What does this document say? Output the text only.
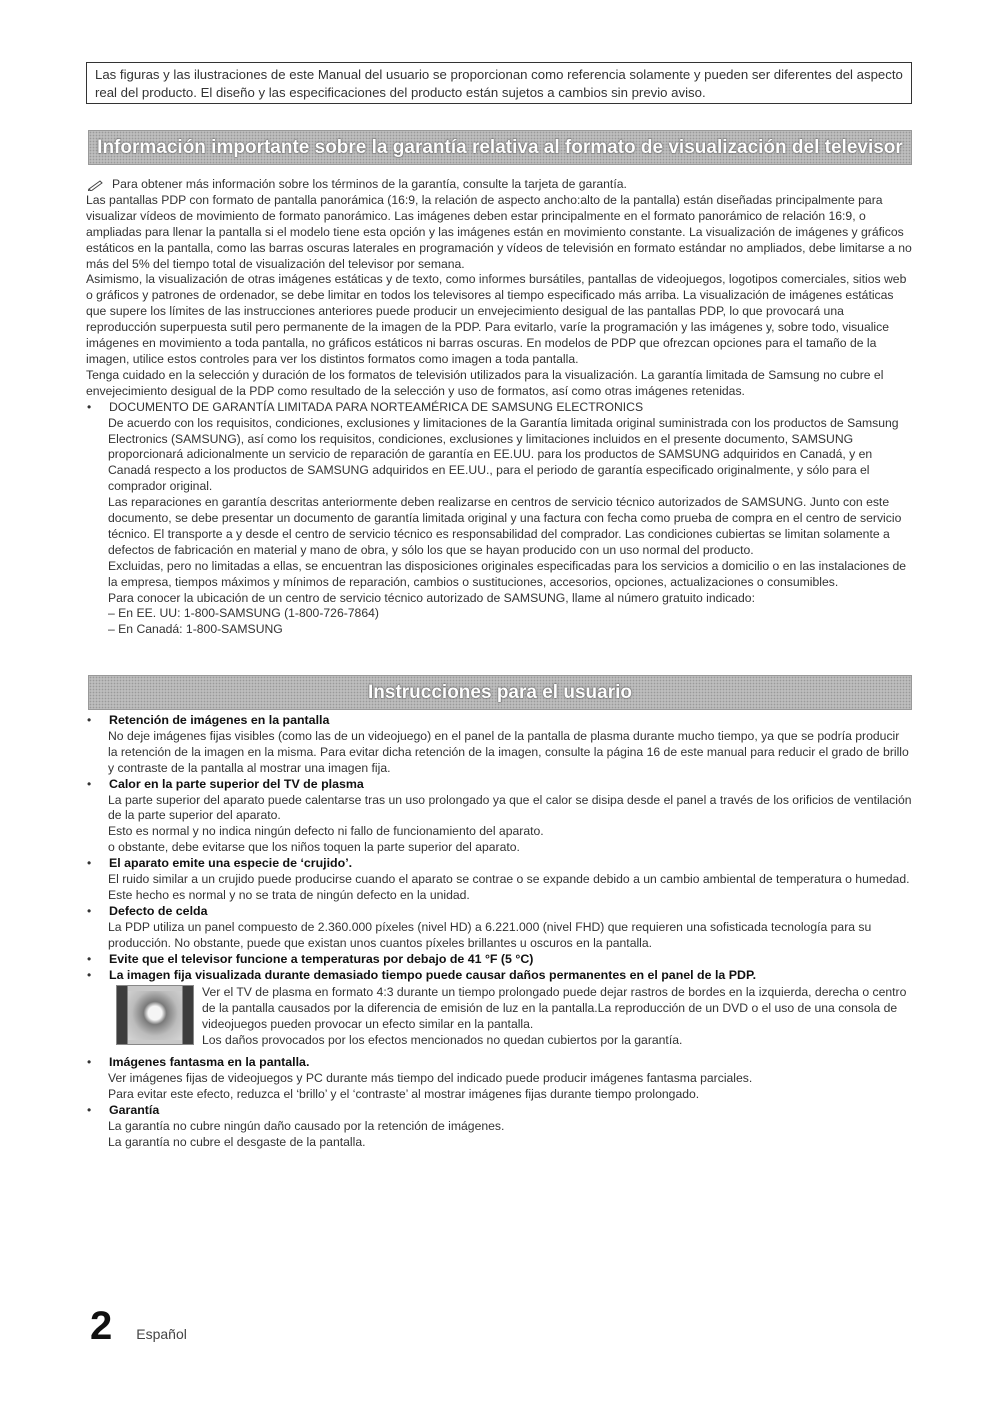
Las figuras y las ilustraciones de este Manual del usuario se proporcionan como referencia solamente y pueden ser diferentes del aspecto real del producto. El diseño y las especificaciones del producto están sujetos a cambios sin previo aviso.

Información importante sobre la garantía relativa al formato de visualización del televisor
Para obtener más información sobre los términos de la garantía, consulte la tarjeta de garantía.

Las pantallas PDP con formato de pantalla panorámica (16:9, la relación de aspecto ancho:alto de la pantalla) están diseñadas principalmente para visualizar vídeos de movimiento de formato panorámico. Las imágenes deben estar principalmente en el formato panorámico de relación 16:9, o ampliadas para llenar la pantalla si el modelo tiene esta opción y las imágenes están en movimiento constante. La visualización de imágenes y gráficos estáticos en la pantalla, como las barras oscuras laterales en programación y vídeos de televisión en formato estándar no ampliados, debe limitarse a no más del 5% del tiempo total de visualización del televisor por semana.

Asimismo, la visualización de otras imágenes estáticas y de texto, como informes bursátiles, pantallas de videojuegos, logotipos comerciales, sitios web o gráficos y patrones de ordenador, se debe limitar en todos los televisores al tiempo especificado más arriba. La visualización de imágenes estáticas que supere los límites de las instrucciones anteriores puede producir un envejecimiento desigual de las pantallas PDP, lo que provocará una reproducción superpuesta sutil pero permanente de la imagen de la PDP. Para evitarlo, varíe la programación y las imágenes y, sobre todo, visualice imágenes en movimiento a toda pantalla, no gráficos estáticos ni barras oscuras. En modelos de PDP que ofrezcan opciones para el tamaño de la imagen, utilice estos controles para ver los distintos formatos como imagen a toda pantalla.

Tenga cuidado en la selección y duración de los formatos de televisión utilizados para la visualización. La garantía limitada de Samsung no cubre el envejecimiento desigual de la PDP como resultado de la selección y uso de formatos, así como otras imágenes retenidas.

•	DOCUMENTO DE GARANTÍA LIMITADA PARA NORTEAMÉRICA DE SAMSUNG ELECTRONICS

De acuerdo con los requisitos, condiciones, exclusiones y limitaciones de la Garantía limitada original suministrada con los productos de Samsung Electronics (SAMSUNG), así como los requisitos, condiciones, exclusiones y limitaciones incluidos en el presente documento, SAMSUNG proporcionará adicionalmente un servicio de reparación de garantía en EE.UU. para los productos de SAMSUNG adquiridos en Canadá, y en Canadá respecto a los productos de SAMSUNG adquiridos en EE.UU., para el periodo de garantía especificado originalmente, y sólo para el comprador original.

Las reparaciones en garantía descritas anteriormente deben realizarse en centros de servicio técnico autorizados de SAMSUNG. Junto con este documento, se debe presentar un documento de garantía limitada original y una factura con fecha como prueba de compra en el centro de servicio técnico. El transporte a y desde el centro de servicio técnico es responsabilidad del comprador. Las condiciones cubiertas se limitan solamente a defectos de fabricación en material y mano de obra, y sólo los que se hayan producido con un uso normal del producto.

Excluidas, pero no limitadas a ellas, se encuentran las disposiciones originales especificadas para los servicios a domicilio o en las instalaciones de la empresa, tiempos máximos y mínimos de reparación, cambios o sustituciones, accesorios, opciones, actualizaciones o consumibles.

Para conocer la ubicación de un centro de servicio técnico autorizado de SAMSUNG, llame al número gratuito indicado:

– En EE. UU: 1-800-SAMSUNG (1-800-726-7864)

– En Canadá: 1-800-SAMSUNG

Instrucciones para el usuario
•	Retención de imágenes en la pantalla

No deje imágenes fijas visibles (como las de un videojuego) en el panel de la pantalla de plasma durante mucho tiempo, ya que se podría producir la retención de la imagen en la misma. Para evitar dicha retención de la imagen, consulte la página 16 de este manual para reducir el grado de brillo y contraste de la pantalla al mostrar una imagen fija.

•	Calor en la parte superior del TV de plasma

La parte superior del aparato puede calentarse tras un uso prolongado ya que el calor se disipa desde el panel a través de los orificios de ventilación de la parte superior del aparato.

Esto es normal y no indica ningún defecto ni fallo de funcionamiento del aparato.

o obstante, debe evitarse que los niños toquen la parte superior del aparato.

•	El aparato emite una especie de ‘crujido’.

El ruido similar a un crujido puede producirse cuando el aparato se contrae o se expande debido a un cambio ambiental de temperatura o humedad.

Este hecho es normal y no se trata de ningún defecto en la unidad.

•	Defecto de celda

La PDP utiliza un panel compuesto de 2.360.000 píxeles (nivel HD) a 6.221.000 (nivel FHD) que requieren una sofisticada tecnología para su producción. No obstante, puede que existan unos cuantos píxeles brillantes u oscuros en la pantalla.

•	Evite que el televisor funcione a temperaturas por debajo de 41 °F (5 °C)
•	La imagen fija visualizada durante demasiado tiempo puede causar daños permanentes en el panel de la PDP.

Ver el TV de plasma en formato 4:3 durante un tiempo prolongado puede dejar rastros de bordes en la izquierda, derecha o centro de la pantalla causados por la diferencia de emisión de luz en la pantalla.La reproducción de un DVD o el uso de una consola de videojuegos pueden provocar un efecto similar en la pantalla.

Los daños provocados por los efectos mencionados no quedan cubiertos por la garantía.

•	Imágenes fantasma en la pantalla.

Ver imágenes fijas de videojuegos y PC durante más tiempo del indicado puede producir imágenes fantasma parciales.

Para evitar este efecto, reduzca el ‘brillo’ y el ‘contraste’ al mostrar imágenes fijas durante tiempo prolongado.

•	Garantía

La garantía no cubre ningún daño causado por la retención de imágenes.

La garantía no cubre el desgaste de la pantalla.

2 Español
